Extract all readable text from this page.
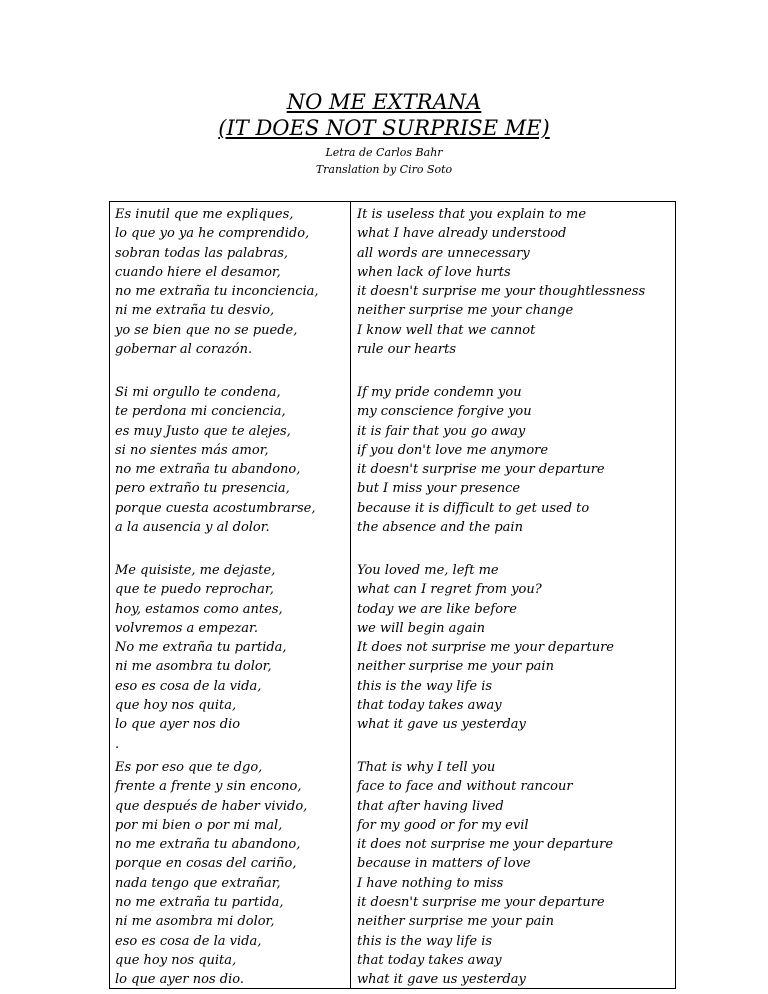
NO ME EXTRANA
(IT DOES NOT SURPRISE ME)
Letra de Carlos Bahr
Translation by Ciro Soto
Es inutil que me expliques,
lo que yo ya he comprendido,
sobran todas las palabras,
cuando hiere el desamor,
no me extraña tu inconciencia,
ni me extraña tu desvio,
yo se bien que no se puede,
gobernar al corazón.
Si mi orgullo te condena,
te perdona mi conciencia,
es muy Justo que te alejes,
si no sientes más amor,
no me extraña tu abandono,
pero extraño tu presencia,
porque cuesta acostumbrarse,
a la ausencia y al dolor.
Me quisiste, me dejaste,
que te puedo reprochar,
hoy, estamos como antes,
volvremos a empezar.
No me extraña tu partida,
ni me asombra tu dolor,
eso es cosa de la vida,
que hoy nos quita,
lo que ayer nos dio
.
Es por eso que te dgo,
frente a frente y sin encono,
que después de haber vivido,
por mi bien o por mi mal,
no me extraña tu abandono,
porque en cosas del cariño,
nada tengo que extrañar,
no me extraña tu partida,
ni me asombra mi dolor,
eso es cosa de la vida,
que hoy nos quita,
lo que ayer nos dio.
It is useless that you explain to me
what I have already understood
all words are unnecessary
when lack of love hurts
it doesn't surprise me your thoughtlessness
neither surprise me your change
I know well that we cannot
rule our hearts
If my pride condemn you
my conscience forgive you
it is fair that you go away
if you don't love me anymore
it doesn't surprise me your departure
but I miss your presence
because it is difficult to get used to
the absence and the pain
You loved me, left me
what can I regret from you?
today we are like before
we will begin again
It does not surprise me your departure
neither surprise me your pain
this is the way life is
that today takes away
what it gave us yesterday
That is why I tell you
face to face and without rancour
that after having lived
for my good or for my evil
it does not surprise me your departure
because in matters of love
I have nothing to miss
it doesn't surprise me your departure
neither surprise me your pain
this is the way life is
that today takes away
what it gave us yesterday
